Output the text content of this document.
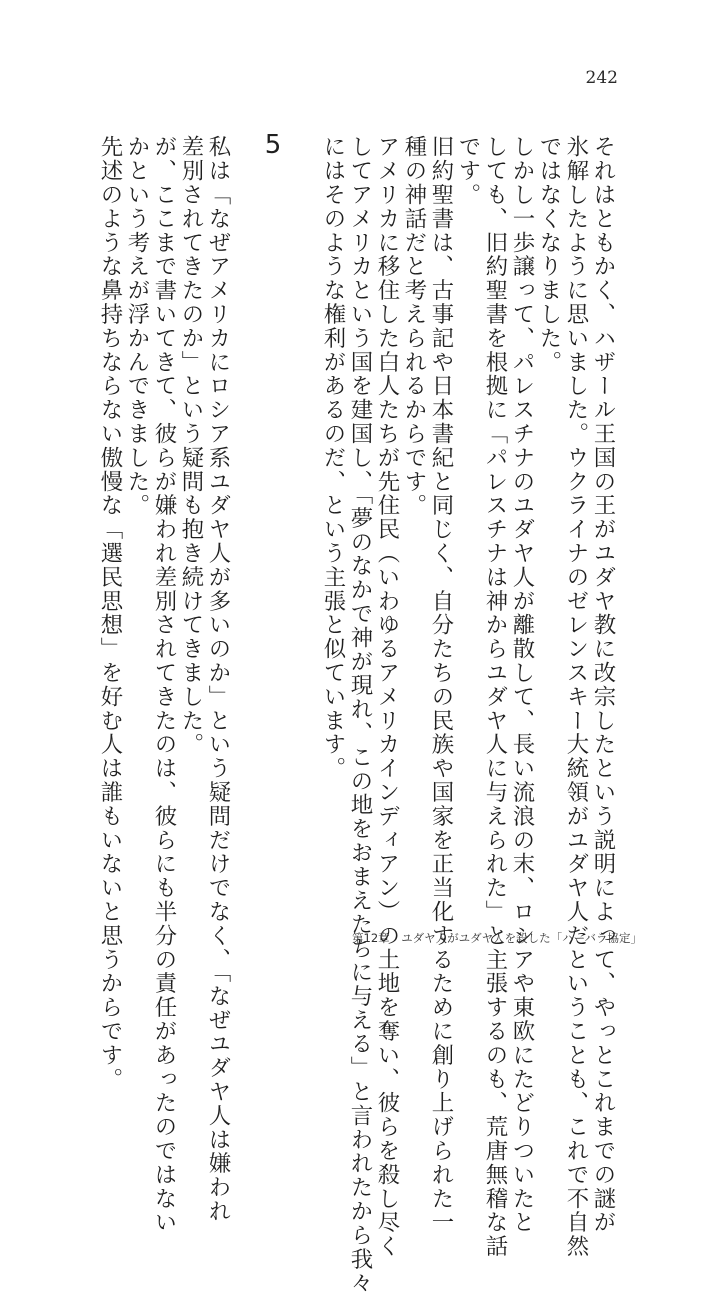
242
それはともかく、ハザール王国の王がユダヤ教に改宗したという説明によって、やっとこれまでの謎が
氷解したように思いました。ウクライナのゼレンスキー大統領がユダヤ人だということも、これで不自然
ではなくなりました。
しかし一歩譲って、パレスチナのユダヤ人が離散して、長い流浪の末、ロシアや東欧にたどりついたと
しても、旧約聖書を根拠に「パレスチナは神からユダヤ人に与えられた」と主張するのも、荒唐無稽な話
です。
旧約聖書は、古事記や日本書紀と同じく、自分たちの民族や国家を正当化するために創り上げられた一
種の神話だと考えられるからです。
アメリカに移住した白人たちが先住民（いわゆるアメリカインディアン）の土地を奪い、彼らを殺し尽く
してアメリカという国を建国し、「夢のなかで神が現れ、この地をおまえたちに与える」と言われたから我々
にはそのような権利があるのだ、という主張と似ています。
5
私は「なぜアメリカにロシア系ユダヤ人が多いのか」という疑問だけでなく、「なぜユダヤ人は嫌われ
差別されてきたのか」という疑問も抱き続けてきました。
が、ここまで書いてきて、彼らが嫌われ差別されてきたのは、彼らにも半分の責任があったのではない
かという考えが浮かんできました。
先述のような鼻持ちならない傲慢な「選民思想」を好む人は誰もいないと思うからです。	第12章　ユダヤ人がユダヤ人を殺した「ハーバラ協定」
